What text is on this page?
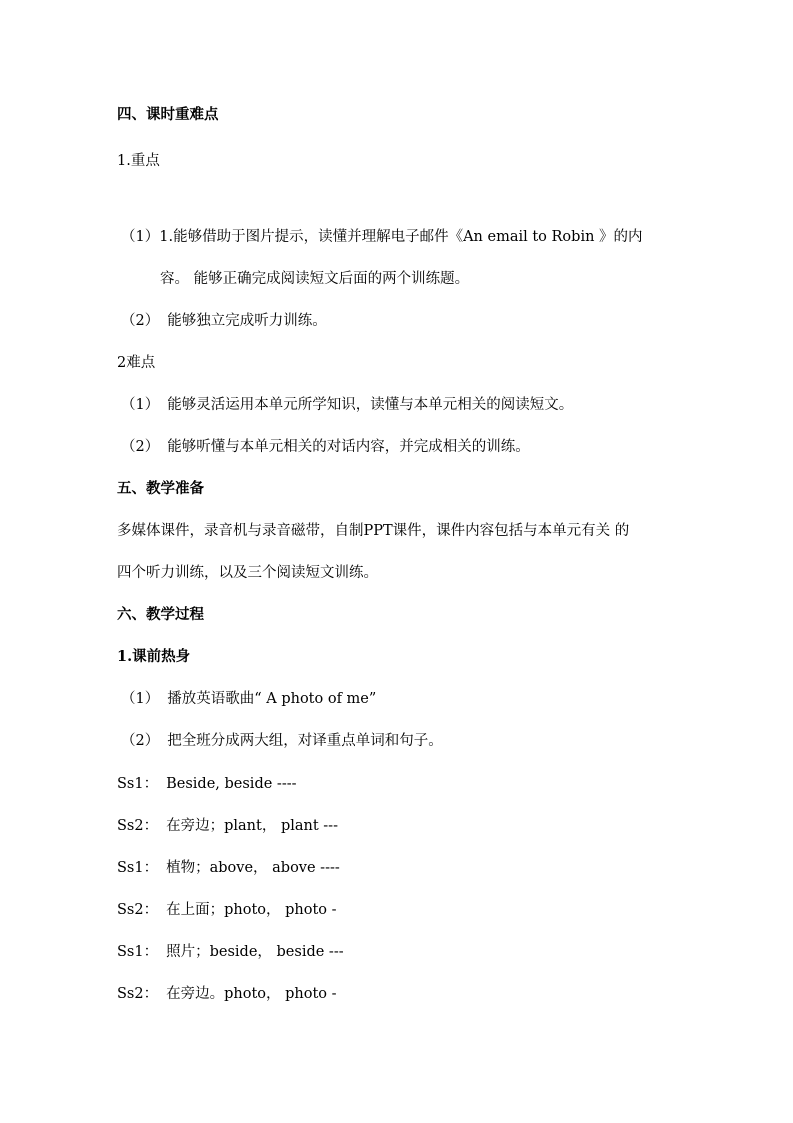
四、课时重难点
1.重点
（1）1.能够借助于图片提示，读懂并理解电子邮件《An email to Robin 》的内
容。 能够正确完成阅读短文后面的两个训练题。
（2） 能够独立完成听力训练。
2难点
（1） 能够灵活运用本单元所学知识，读懂与本单元相关的阅读短文。
（2） 能够听懂与本单元相关的对话内容，并完成相关的训练。
五、教学准备
多媒体课件，录音机与录音磁带，自制PPT课件，课件内容包括与本单元有关 的
四个听力训练，以及三个阅读短文训练。
六、教学过程
1.课前热身
（1） 播放英语歌曲“ A photo of me”
（2） 把全班分成两大组，对译重点单词和句子。
Ss1： Beside, beside ----
Ss2： 在旁边；plant， plant ---
Ss1： 植物；above， above ----
Ss2： 在上面；photo， photo -
Ss1： 照片；beside， beside ---
Ss2： 在旁边。photo， photo -
